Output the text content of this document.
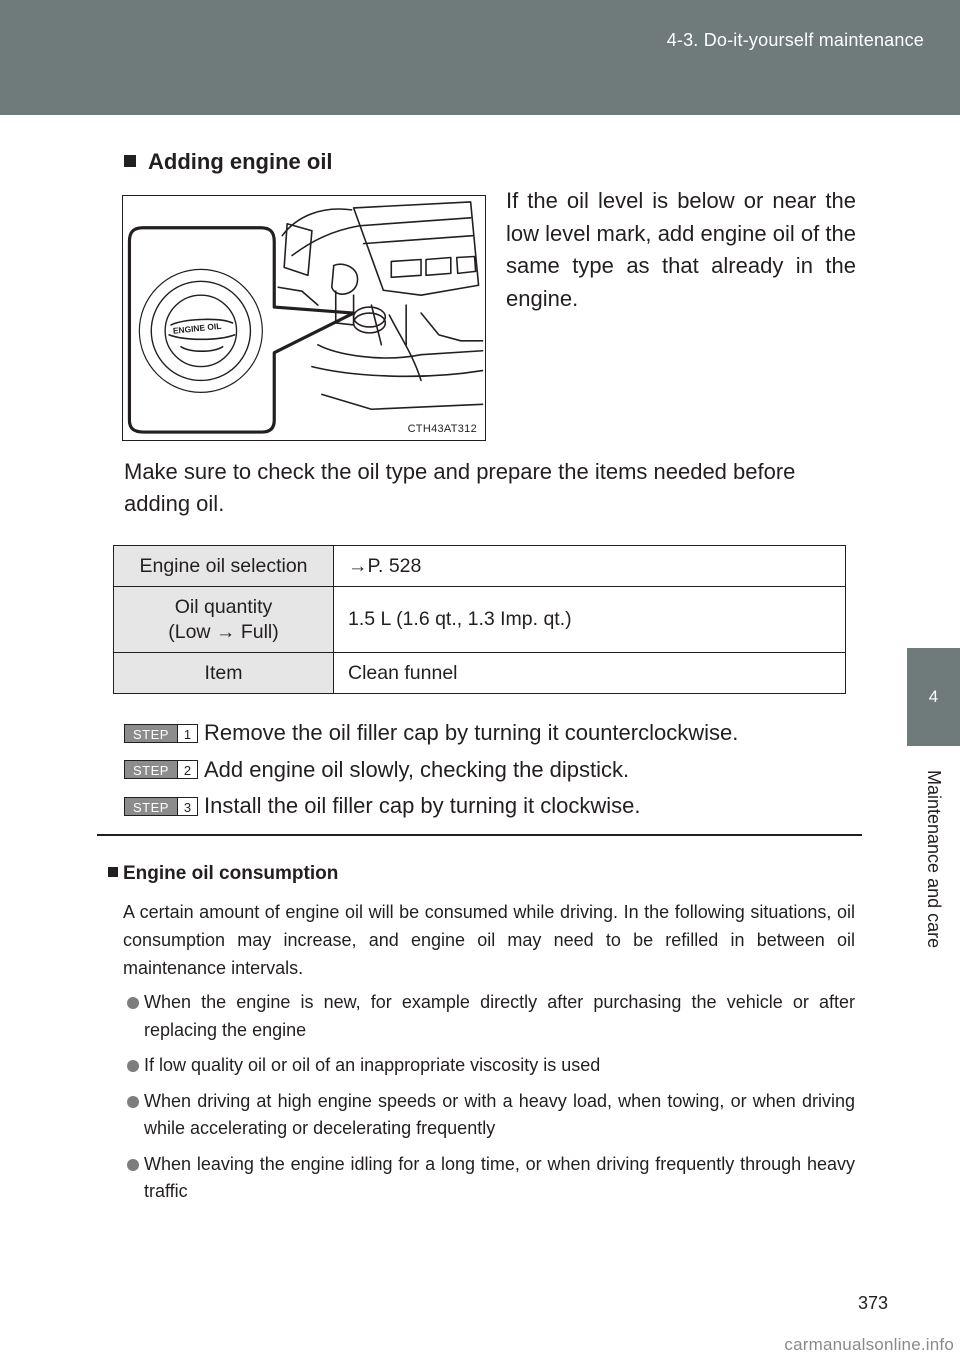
4-3. Do-it-yourself maintenance
4
Maintenance and care
Adding engine oil
ENGINE OIL
CTH43AT312
If the oil level is below or near the low level mark, add engine oil of the same type as that already in the engine.
Make sure to check the oil type and prepare the items needed before adding oil.
Engine oil selection	→P. 528

Oil quantity
(Low → Full)	1.5 L (1.6 qt., 1.3 Imp. qt.)
Item	Clean funnel
STEP	1 Remove the oil filler cap by turning it counterclockwise.
STEP	2 Add engine oil slowly, checking the dipstick.
STEP	3 Install the oil filler cap by turning it clockwise.
Engine oil consumption
A certain amount of engine oil will be consumed while driving. In the following situations, oil consumption may increase, and engine oil may need to be refilled in between oil maintenance intervals.
When the engine is new, for example directly after purchasing the vehicle or after replacing the engine
If low quality oil or oil of an inappropriate viscosity is used
When driving at high engine speeds or with a heavy load, when towing, or when driving while accelerating or decelerating frequently
When leaving the engine idling for a long time, or when driving frequently through heavy traffic
373
carmanualsonline.info
